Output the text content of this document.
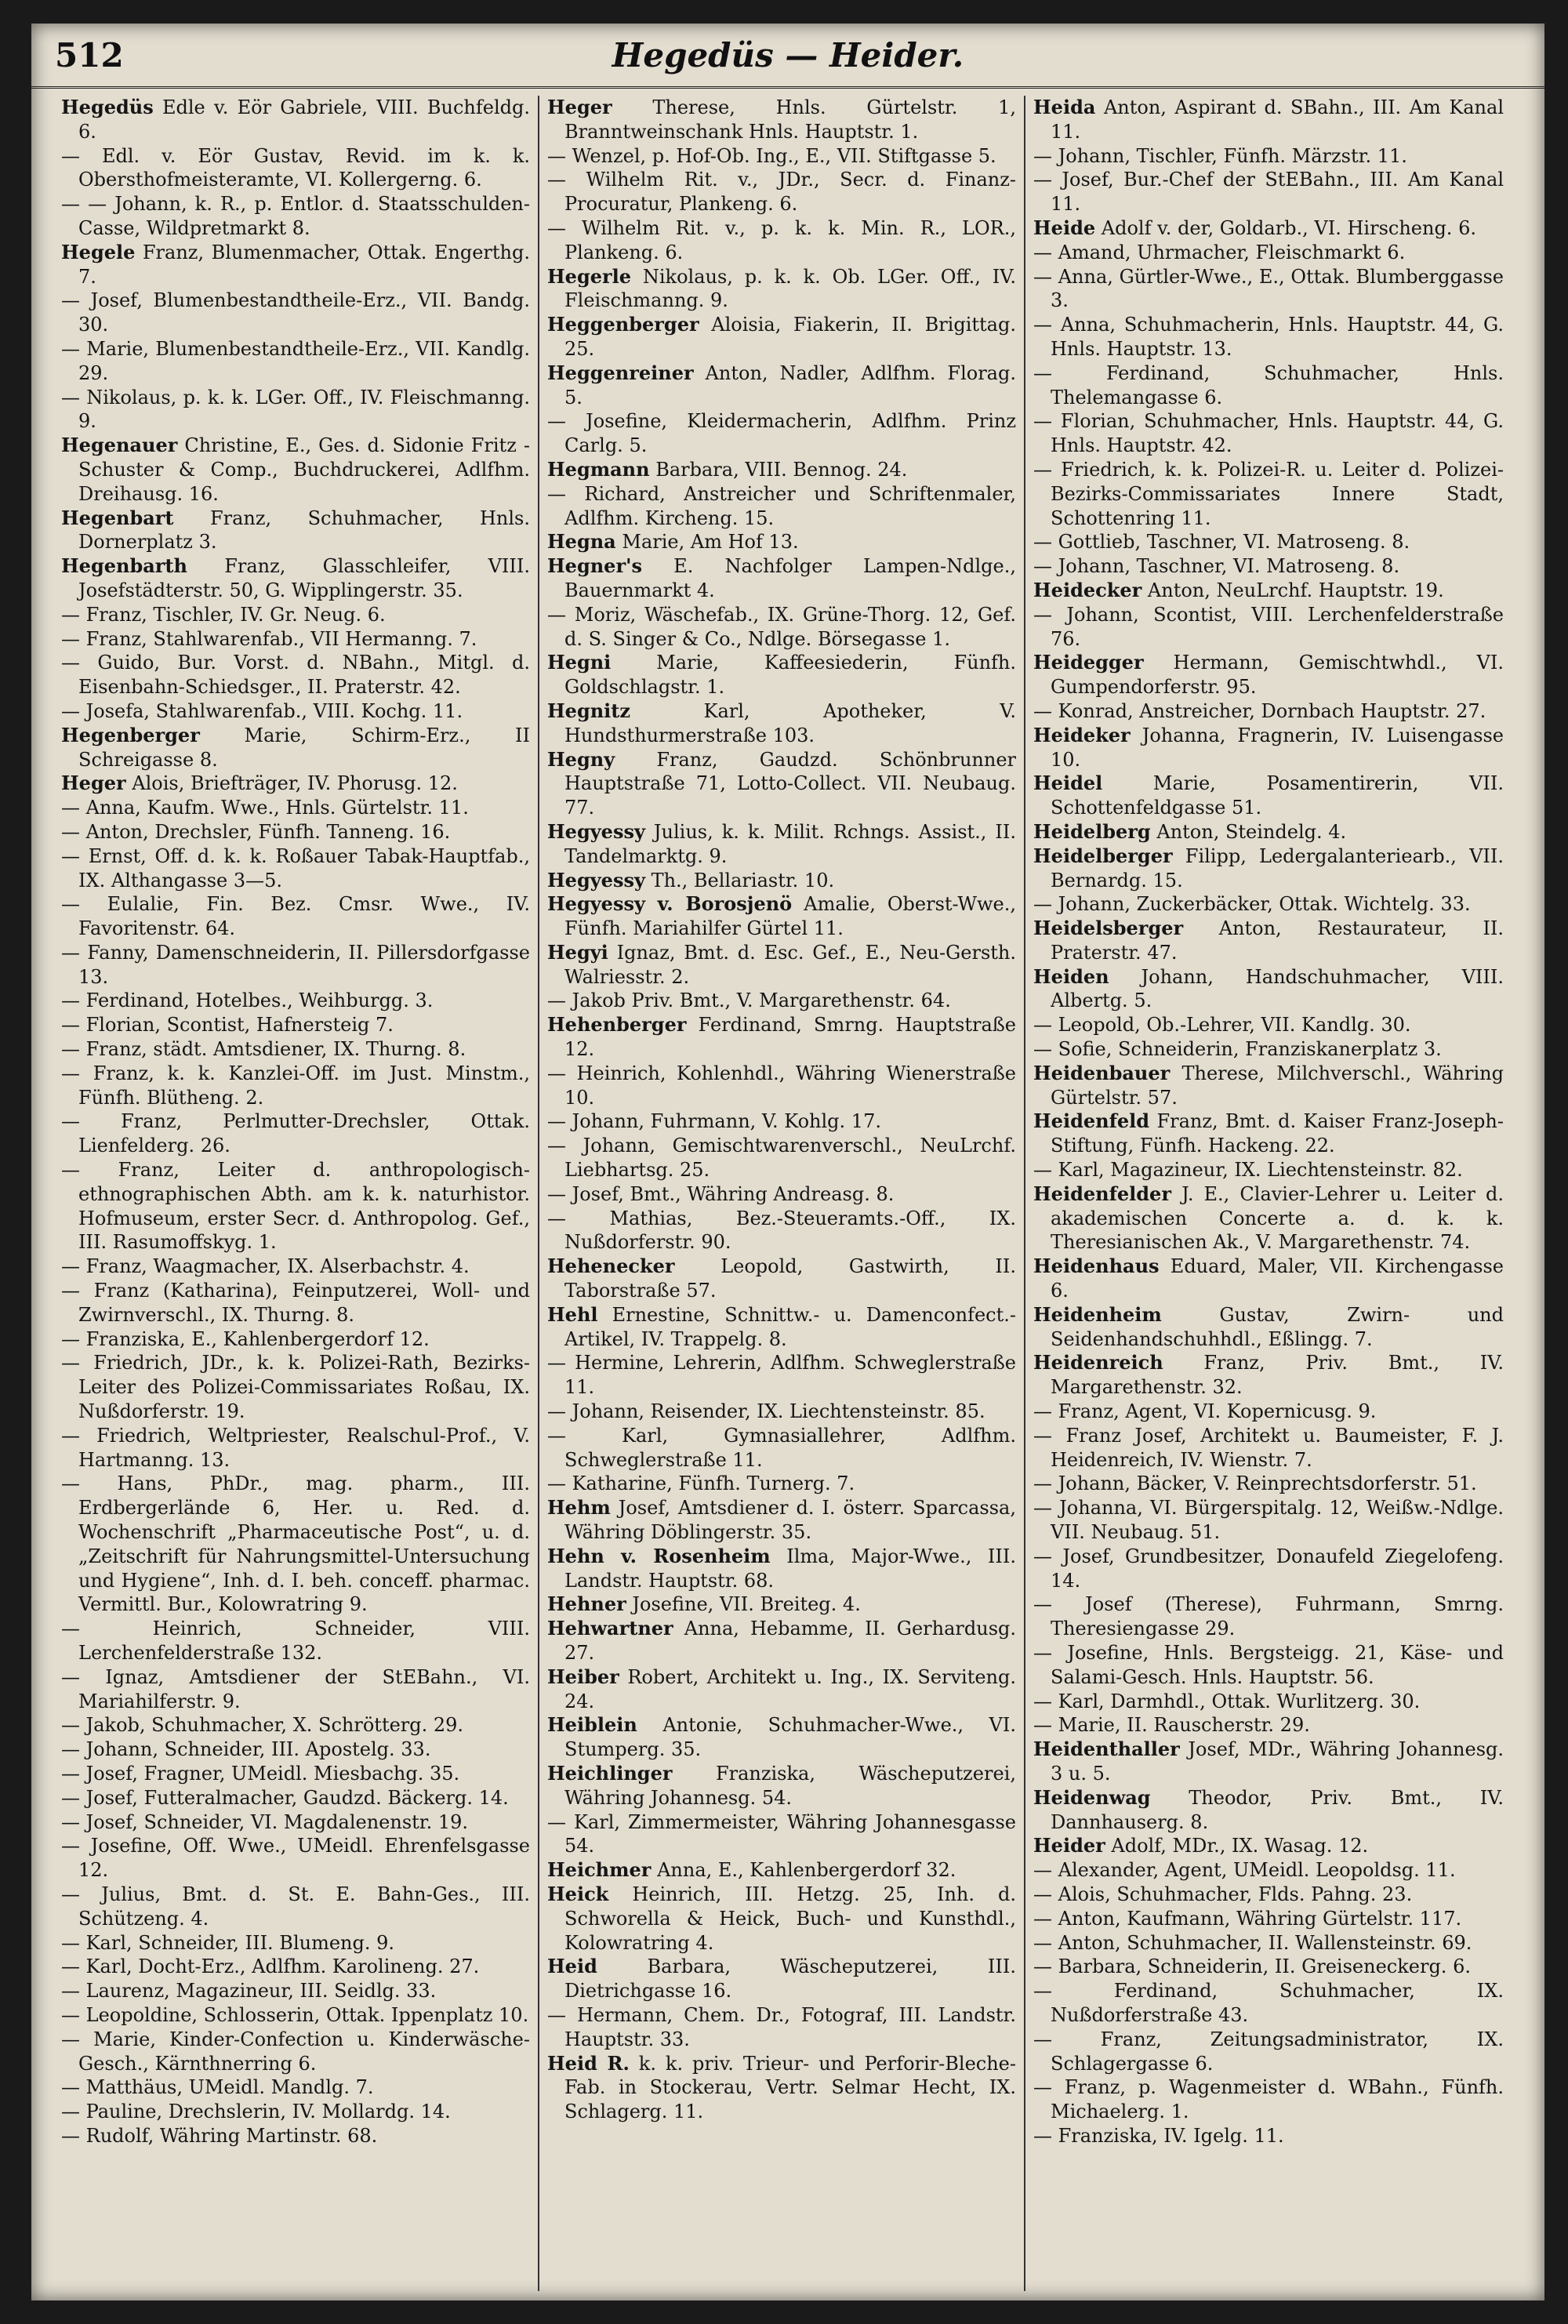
512	Hegedüs — Heider.

Hegedüs Edle v. Eör Gabriele, VIII. Buchfeldg. 6.

— Edl. v. Eör Gustav, Revid. im k. k. Obersthofmeisteramte, VI. Kollergerng. 6.

— — Johann, k. R., p. Entlor. d. Staatsschulden-Casse, Wildpretmarkt 8.

Hegele Franz, Blumenmacher, Ottak. Engerthg. 7.

— Josef, Blumenbestandtheile-Erz., VII. Bandg. 30.

— Marie, Blumenbestandtheile-Erz., VII. Kandlg. 29.

— Nikolaus, p. k. k. LGer. Off., IV. Fleischmanng. 9.

Hegenauer Christine, E., Ges. d. Sidonie Fritz - Schuster & Comp., Buchdruckerei, Adlfhm. Dreihausg. 16.

Hegenbart Franz, Schuhmacher, Hnls. Dornerplatz 3.

Hegenbarth Franz, Glasschleifer, VIII. Josefstädterstr. 50, G. Wipplingerstr. 35.

— Franz, Tischler, IV. Gr. Neug. 6.

— Franz, Stahlwarenfab., VII Hermanng. 7.

— Guido, Bur. Vorst. d. NBahn., Mitgl. d. Eisenbahn-Schiedsger., II. Praterstr. 42.

— Josefa, Stahlwarenfab., VIII. Kochg. 11.

Hegenberger Marie, Schirm-Erz., II Schreigasse 8.

Heger Alois, Briefträger, IV. Phorusg. 12.

— Anna, Kaufm. Wwe., Hnls. Gürtelstr. 11.

— Anton, Drechsler, Fünfh. Tanneng. 16.

— Ernst, Off. d. k. k. Roßauer Tabak-Hauptfab., IX. Althangasse 3—5.

— Eulalie, Fin. Bez. Cmsr. Wwe., IV. Favoritenstr. 64.

— Fanny, Damenschneiderin, II. Pillersdorfgasse 13.

— Ferdinand, Hotelbes., Weihburgg. 3.

— Florian, Scontist, Hafnersteig 7.

— Franz, städt. Amtsdiener, IX. Thurng. 8.

— Franz, k. k. Kanzlei-Off. im Just. Minstm., Fünfh. Blütheng. 2.

— Franz, Perlmutter-Drechsler, Ottak. Lienfelderg. 26.

— Franz, Leiter d. anthropologisch-ethnographischen Abth. am k. k. naturhistor. Hofmuseum, erster Secr. d. Anthropolog. Gef., III. Rasumoffskyg. 1.

— Franz, Waagmacher, IX. Alserbachstr. 4.

— Franz (Katharina), Feinputzerei, Woll- und Zwirnverschl., IX. Thurng. 8.

— Franziska, E., Kahlenbergerdorf 12.

— Friedrich, JDr., k. k. Polizei-Rath, Bezirks-Leiter des Polizei-Commissariates Roßau, IX. Nußdorferstr. 19.

— Friedrich, Weltpriester, Realschul-Prof., V. Hartmanng. 13.

— Hans, PhDr., mag. pharm., III. Erdbergerlände 6, Her. u. Red. d. Wochenschrift „Pharmaceutische Post“, u. d. „Zeitschrift für Nahrungsmittel-Untersuchung und Hygiene“, Inh. d. I. beh. conceff. pharmac. Vermittl. Bur., Kolowratring 9.

— Heinrich, Schneider, VIII. Lerchenfelderstraße 132.

— Ignaz, Amtsdiener der StEBahn., VI. Mariahilferstr. 9.

— Jakob, Schuhmacher, X. Schrötterg. 29.

— Johann, Schneider, III. Apostelg. 33.

— Josef, Fragner, UMeidl. Miesbachg. 35.

— Josef, Futteralmacher, Gaudzd. Bäckerg. 14.

— Josef, Schneider, VI. Magdalenenstr. 19.

— Josefine, Off. Wwe., UMeidl. Ehrenfelsgasse 12.

— Julius, Bmt. d. St. E. Bahn-Ges., III. Schützeng. 4.

— Karl, Schneider, III. Blumeng. 9.

— Karl, Docht-Erz., Adlfhm. Karolineng. 27.

— Laurenz, Magazineur, III. Seidlg. 33.

— Leopoldine, Schlosserin, Ottak. Ippenplatz 10.

— Marie, Kinder-Confection u. Kinderwäsche-Gesch., Kärnthnerring 6.

— Matthäus, UMeidl. Mandlg. 7.

— Pauline, Drechslerin, IV. Mollardg. 14.

— Rudolf, Währing Martinstr. 68.

Heger Therese, Hnls. Gürtelstr. 1, Branntweinschank Hnls. Hauptstr. 1.

— Wenzel, p. Hof-Ob. Ing., E., VII. Stiftgasse 5.

— Wilhelm Rit. v., JDr., Secr. d. Finanz-Procuratur, Plankeng. 6.

— Wilhelm Rit. v., p. k. k. Min. R., LOR., Plankeng. 6.

Hegerle Nikolaus, p. k. k. Ob. LGer. Off., IV. Fleischmanng. 9.

Heggenberger Aloisia, Fiakerin, II. Brigittag. 25.

Heggenreiner Anton, Nadler, Adlfhm. Florag. 5.

— Josefine, Kleidermacherin, Adlfhm. Prinz Carlg. 5.

Hegmann Barbara, VIII. Bennog. 24.

— Richard, Anstreicher und Schriftenmaler, Adlfhm. Kircheng. 15.

Hegna Marie, Am Hof 13.

Hegner's E. Nachfolger Lampen-Ndlge., Bauernmarkt 4.

— Moriz, Wäschefab., IX. Grüne-Thorg. 12, Gef. d. S. Singer & Co., Ndlge. Börsegasse 1.

Hegni Marie, Kaffeesiederin, Fünfh. Goldschlagstr. 1.

Hegnitz	Karl, Apotheker, V. Hundsthurmerstraße 103.

Hegny Franz, Gaudzd. Schönbrunner Hauptstraße 71, Lotto-Collect. VII. Neubaug. 77.

Hegyessy Julius, k. k. Milit. Rchngs. Assist., II. Tandelmarktg. 9.

Hegyessy Th., Bellariastr. 10.

Hegyessy v. Borosjenö Amalie, Oberst-Wwe., Fünfh. Mariahilfer Gürtel 11.

Hegyi Ignaz, Bmt. d. Esc. Gef., E., Neu-Gersth. Walriesstr. 2.

— Jakob Priv. Bmt., V. Margarethenstr. 64.

Hehenberger Ferdinand, Smrng. Hauptstraße 12.

— Heinrich, Kohlenhdl., Währing Wienerstraße 10.

— Johann, Fuhrmann, V. Kohlg. 17.

— Johann, Gemischtwarenverschl., NeuLrchf. Liebhartsg. 25.

— Josef, Bmt., Währing Andreasg. 8.

— Mathias, Bez.-Steueramts.-Off., IX. Nußdorferstr. 90.

Hehenecker Leopold, Gastwirth, II. Taborstraße 57.

Hehl Ernestine, Schnittw.- u. Damenconfect.-Artikel, IV. Trappelg. 8.

— Hermine, Lehrerin, Adlfhm. Schweglerstraße 11.

— Johann, Reisender, IX. Liechtensteinstr. 85.

— Karl, Gymnasiallehrer, Adlfhm. Schweglerstraße 11.

— Katharine, Fünfh. Turnerg. 7.

Hehm Josef, Amtsdiener d. I. österr. Sparcassa, Währing Döblingerstr. 35.

Hehn v. Rosenheim Ilma, Major-Wwe., III. Landstr. Hauptstr. 68.

Hehner Josefine, VII. Breiteg. 4.

Hehwartner Anna, Hebamme, II. Gerhardusg. 27.

Heiber Robert, Architekt u. Ing., IX. Serviteng. 24.

Heiblein Antonie, Schuhmacher-Wwe., VI. Stumperg. 35.

Heichlinger Franziska, Wäscheputzerei, Währing Johannesg. 54.

— Karl, Zimmermeister, Währing Johannesgasse 54.

Heichmer Anna, E., Kahlenbergerdorf 32.

Heick Heinrich, III. Hetzg. 25, Inh. d. Schworella & Heick, Buch- und Kunsthdl., Kolowratring 4.

Heid	Barbara, Wäscheputzerei, III. Dietrichgasse 16.

— Hermann, Chem. Dr., Fotograf, III. Landstr. Hauptstr. 33.

Heid R. k. k. priv. Trieur- und Perforir-Bleche-Fab. in Stockerau, Vertr. Selmar Hecht, IX. Schlagerg. 11.

Heida Anton, Aspirant d. SBahn., III. Am Kanal 11.

— Johann, Tischler, Fünfh. Märzstr. 11.

— Josef, Bur.-Chef der StEBahn., III. Am Kanal 11.

Heide Adolf v. der, Goldarb., VI. Hirscheng. 6.

— Amand, Uhrmacher, Fleischmarkt 6.

— Anna, Gürtler-Wwe., E., Ottak. Blumberggasse 3.

— Anna, Schuhmacherin, Hnls. Hauptstr. 44, G. Hnls. Hauptstr. 13.

— Ferdinand, Schuhmacher, Hnls. Thelemangasse 6.

— Florian, Schuhmacher, Hnls. Hauptstr. 44, G. Hnls. Hauptstr. 42.

— Friedrich, k. k. Polizei-R. u. Leiter d. Polizei-Bezirks-Commissariates Innere Stadt, Schottenring 11.

— Gottlieb, Taschner, VI. Matroseng. 8.

— Johann, Taschner, VI. Matroseng. 8.

Heidecker Anton, NeuLrchf. Hauptstr. 19.

— Johann, Scontist, VIII. Lerchenfelderstraße 76.

Heidegger Hermann, Gemischtwhdl., VI. Gumpendorferstr. 95.

— Konrad, Anstreicher, Dornbach Hauptstr. 27.

Heideker Johanna, Fragnerin, IV. Luisengasse 10.

Heidel	Marie, Posamentirerin, VII. Schottenfeldgasse 51.

Heidelberg Anton, Steindelg. 4.

Heidelberger Filipp, Ledergalanteriearb., VII. Bernardg. 15.

— Johann, Zuckerbäcker, Ottak. Wichtelg. 33.

Heidelsberger Anton, Restaurateur, II. Praterstr. 47.

Heiden Johann, Handschuhmacher, VIII. Albertg. 5.

— Leopold, Ob.-Lehrer, VII. Kandlg. 30.

— Sofie, Schneiderin, Franziskanerplatz 3.

Heidenbauer Therese, Milchverschl., Währing Gürtelstr. 57.

Heidenfeld Franz, Bmt. d. Kaiser Franz-Joseph-Stiftung, Fünfh. Hackeng. 22.

— Karl, Magazineur, IX. Liechtensteinstr. 82.

Heidenfelder J. E., Clavier-Lehrer u. Leiter d. akademischen Concerte a. d. k. k. Theresianischen Ak., V. Margarethenstr. 74.

Heidenhaus Eduard, Maler, VII. Kirchengasse 6.

Heidenheim	Gustav, Zwirn- und Seidenhandschuhhdl., Eßlingg. 7.

Heidenreich Franz, Priv. Bmt., IV. Margarethenstr. 32.

— Franz, Agent, VI. Kopernicusg. 9.

— Franz Josef, Architekt u. Baumeister, F. J. Heidenreich, IV. Wienstr. 7.

— Johann, Bäcker, V. Reinprechtsdorferstr. 51.

— Johanna, VI. Bürgerspitalg. 12, Weißw.-Ndlge. VII. Neubaug. 51.

— Josef, Grundbesitzer, Donaufeld Ziegelofeng. 14.

— Josef (Therese), Fuhrmann, Smrng. Theresiengasse 29.

— Josefine, Hnls. Bergsteigg. 21, Käse- und Salami-Gesch. Hnls. Hauptstr. 56.

— Karl, Darmhdl., Ottak. Wurlitzerg. 30.

— Marie, II. Rauscherstr. 29.

Heidenthaller Josef, MDr., Währing Johannesg. 3 u. 5.

Heidenwag Theodor, Priv. Bmt., IV. Dannhauserg. 8.

Heider Adolf, MDr., IX. Wasag. 12.

— Alexander, Agent, UMeidl. Leopoldsg. 11.

— Alois, Schuhmacher, Flds. Pahng. 23.

— Anton, Kaufmann, Währing Gürtelstr. 117.

— Anton, Schuhmacher, II. Wallensteinstr. 69.

— Barbara, Schneiderin, II. Greiseneckerg. 6.

— Ferdinand, Schuhmacher, IX. Nußdorferstraße 43.

— Franz, Zeitungsadministrator, IX. Schlagergasse 6.

— Franz, p. Wagenmeister d. WBahn., Fünfh. Michaelerg. 1.

— Franziska, IV. Igelg. 11.
